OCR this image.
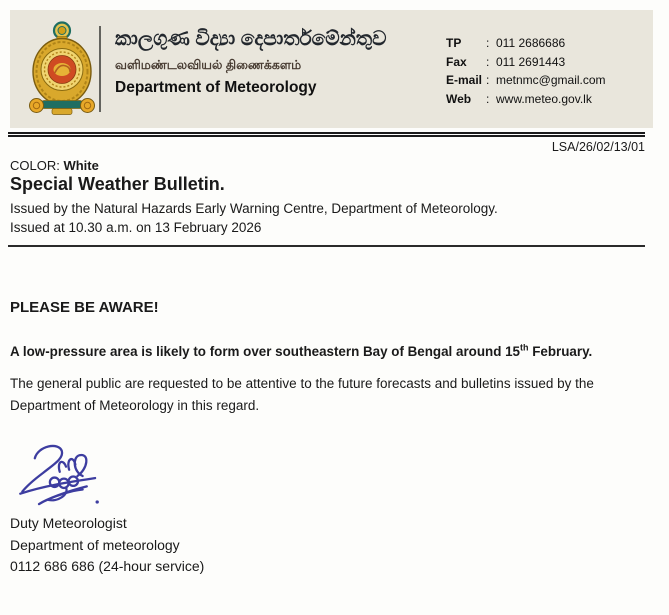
කාලගුණ විද්‍යා දෙපාර්තමේන්තුව
வளிமண்டலவியல் திணைக்களம்
Department of Meteorology
TP : 011 2686686
Fax : 011 2691443
E-mail : metnmc@gmail.com
Web : www.meteo.gov.lk
LSA/26/02/13/01
COLOR: White
Special Weather Bulletin.
Issued by the Natural Hazards Early Warning Centre, Department of Meteorology.
Issued at 10.30 a.m. on 13 February 2026
PLEASE BE AWARE!
A low-pressure area is likely to form over southeastern Bay of Bengal around 15th February.
The general public are requested to be attentive to the future forecasts and bulletins issued by the Department of Meteorology in this regard.
Duty Meteorologist
Department of meteorology
0112 686 686 (24-hour service)
